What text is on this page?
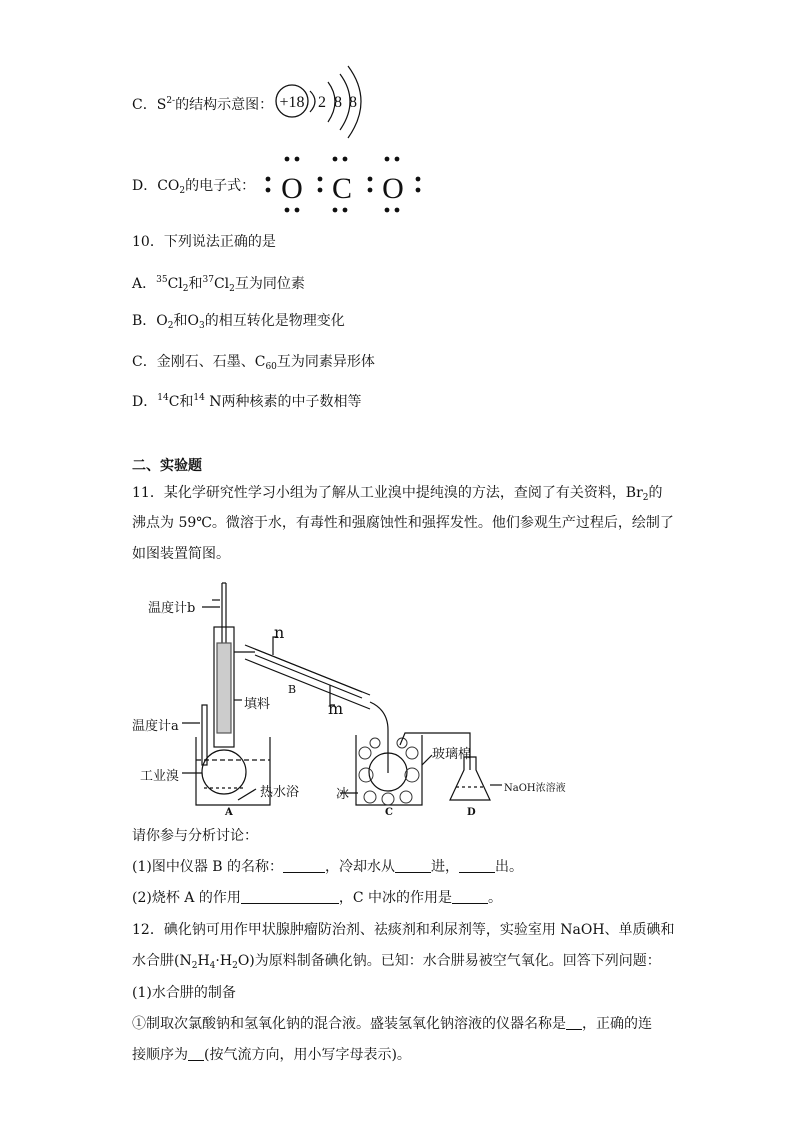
C．$S^{2-}$的结构示意图： +18 2 8 8
D．$CO_2$的电子式： O C O
10．下列说法正确的是
A．$^{35}Cl_2$和$^{37}Cl_2$互为同位素
B．$O_2$和$O_3$的相互转化是物理变化
C．金刚石、石墨、$C_{60}$互为同素异形体
D．$^{14}$C和$^{14}$ N两种核素的中子数相等
二、实验题
11．某化学研究性学习小组为了解从工业溴中提纯溴的方法，查阅了有关资料，$Br_2$的
沸点为 59℃。微溶于水，有毒性和强腐蚀性和强挥发性。他们参观生产过程后，绘制了
如图装置简图。
温度计b
n
B
m
填料
温度计a
工业溴
热水浴
玻璃棉
冰	NaOH浓溶液
A	C	D
请你参与分析讨论：
(1)图中仪器 B 的名称：	，冷却水从	进，	出。
(2)烧杯 A 的作用	，C 中冰的作用是	。
12．碘化钠可用作甲状腺肿瘤防治剂、祛痰剂和利尿剂等，实验室用 NaOH、单质碘和
水合肼$(N_2H_4\cdot H_2O)$为原料制备碘化钠。已知：水合肼易被空气氧化。回答下列问题：
(1)水合肼的制备
①制取次氯酸钠和氢氧化钠的混合液。盛装氢氧化钠溶液的仪器名称是 ，正确的连
接顺序为 (按气流方向，用小写字母表示)。
